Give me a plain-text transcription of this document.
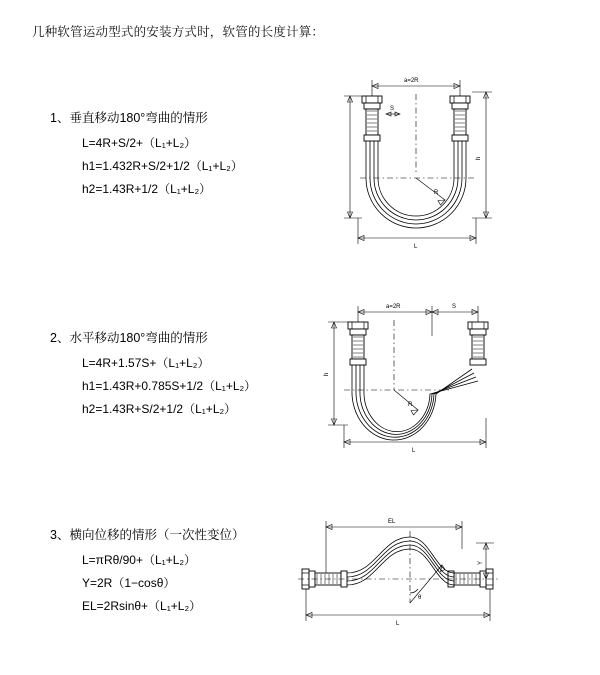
几种软管运动型式的安装方式时，软管的长度计算：
1、垂直移动180°弯曲的情形
L=4R+S/2+（L₁+L₂）
h1=1.432R+S/2+1/2（L₁+L₂）
h2=1.43R+1/2（L₁+L₂）
a=2R
R
S
h
L
2、水平移动180°弯曲的情形
L=4R+1.57S+（L₁+L₂）
h1=1.43R+0.785S+1/2（L₁+L₂）
h2=1.43R+S/2+1/2（L₁+L₂）
a=2R	S
R
h
L
3、横向位移的情形（一次性变位）
L=πRθ/90+（L₁+L₂）
Y=2R（1−cosθ）
EL=2Rsinθ+（L₁+L₂）
EL
θ
Y
L
